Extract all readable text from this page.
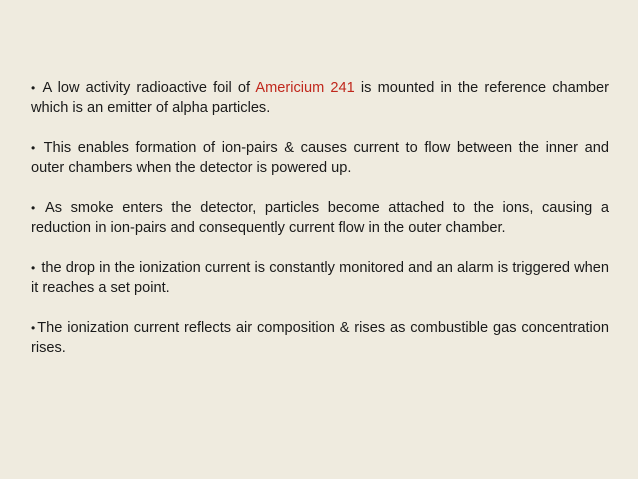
• A low activity radioactive foil of Americium 241 is mounted in the reference chamber which is an emitter of alpha particles.

• This enables formation of ion-pairs & causes current to flow between the inner and outer chambers when the detector is powered up.

• As smoke enters the detector, particles become attached to the ions, causing a reduction in ion-pairs and consequently current flow in the outer chamber.

• the drop in the ionization current is constantly monitored and an alarm is triggered when it reaches a set point.

• The ionization current reflects air composition & rises as combustible gas concentration rises.
